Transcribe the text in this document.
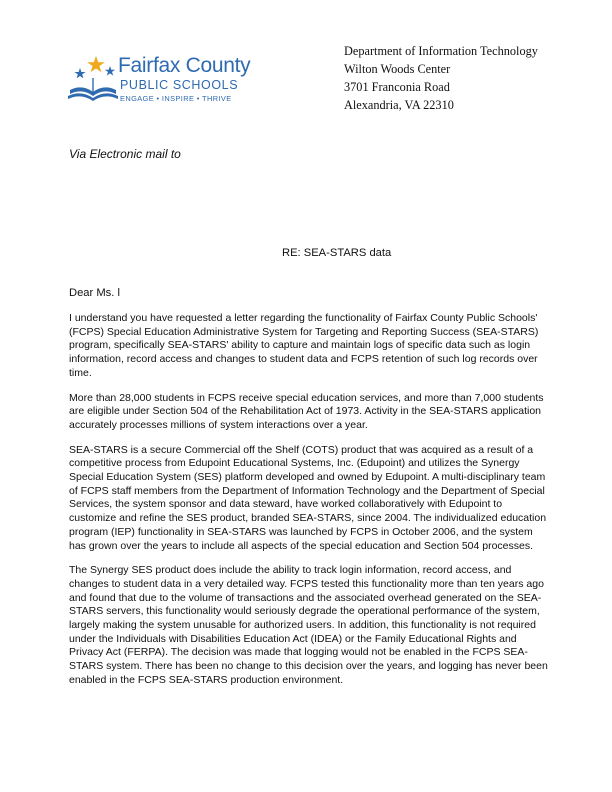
Fairfax County
PUBLIC SCHOOLS
ENGAGE • INSPIRE • THRIVE
Department of Information Technology
Wilton Woods Center
3701 Franconia Road
Alexandria, VA 22310
Via Electronic mail to
RE: SEA-STARS data
Dear Ms. l

I understand you have requested a letter regarding the functionality of Fairfax County Public Schools' (FCPS) Special Education Administrative System for Targeting and Reporting Success (SEA-STARS) program, specifically SEA-STARS' ability to capture and maintain logs of specific data such as login information, record access and changes to student data and FCPS retention of such log records over time.

More than 28,000 students in FCPS receive special education services, and more than 7,000 students are eligible under Section 504 of the Rehabilitation Act of 1973. Activity in the SEA-STARS application accurately processes millions of system interactions over a year.

SEA-STARS is a secure Commercial off the Shelf (COTS) product that was acquired as a result of a competitive process from Edupoint Educational Systems, Inc. (Edupoint) and utilizes the Synergy Special Education System (SES) platform developed and owned by Edupoint. A multi-disciplinary team of FCPS staff members from the Department of Information Technology and the Department of Special Services, the system sponsor and data steward, have worked collaboratively with Edupoint to customize and refine the SES product, branded SEA-STARS, since 2004. The individualized education program (IEP) functionality in SEA-STARS was launched by FCPS in October 2006, and the system has grown over the years to include all aspects of the special education and Section 504 processes.

The Synergy SES product does include the ability to track login information, record access, and changes to student data in a very detailed way. FCPS tested this functionality more than ten years ago and found that due to the volume of transactions and the associated overhead generated on the SEA-STARS servers, this functionality would seriously degrade the operational performance of the system, largely making the system unusable for authorized users. In addition, this functionality is not required under the Individuals with Disabilities Education Act (IDEA) or the Family Educational Rights and Privacy Act (FERPA). The decision was made that logging would not be enabled in the FCPS SEA-STARS system. There has been no change to this decision over the years, and logging has never been enabled in the FCPS SEA-STARS production environment.
